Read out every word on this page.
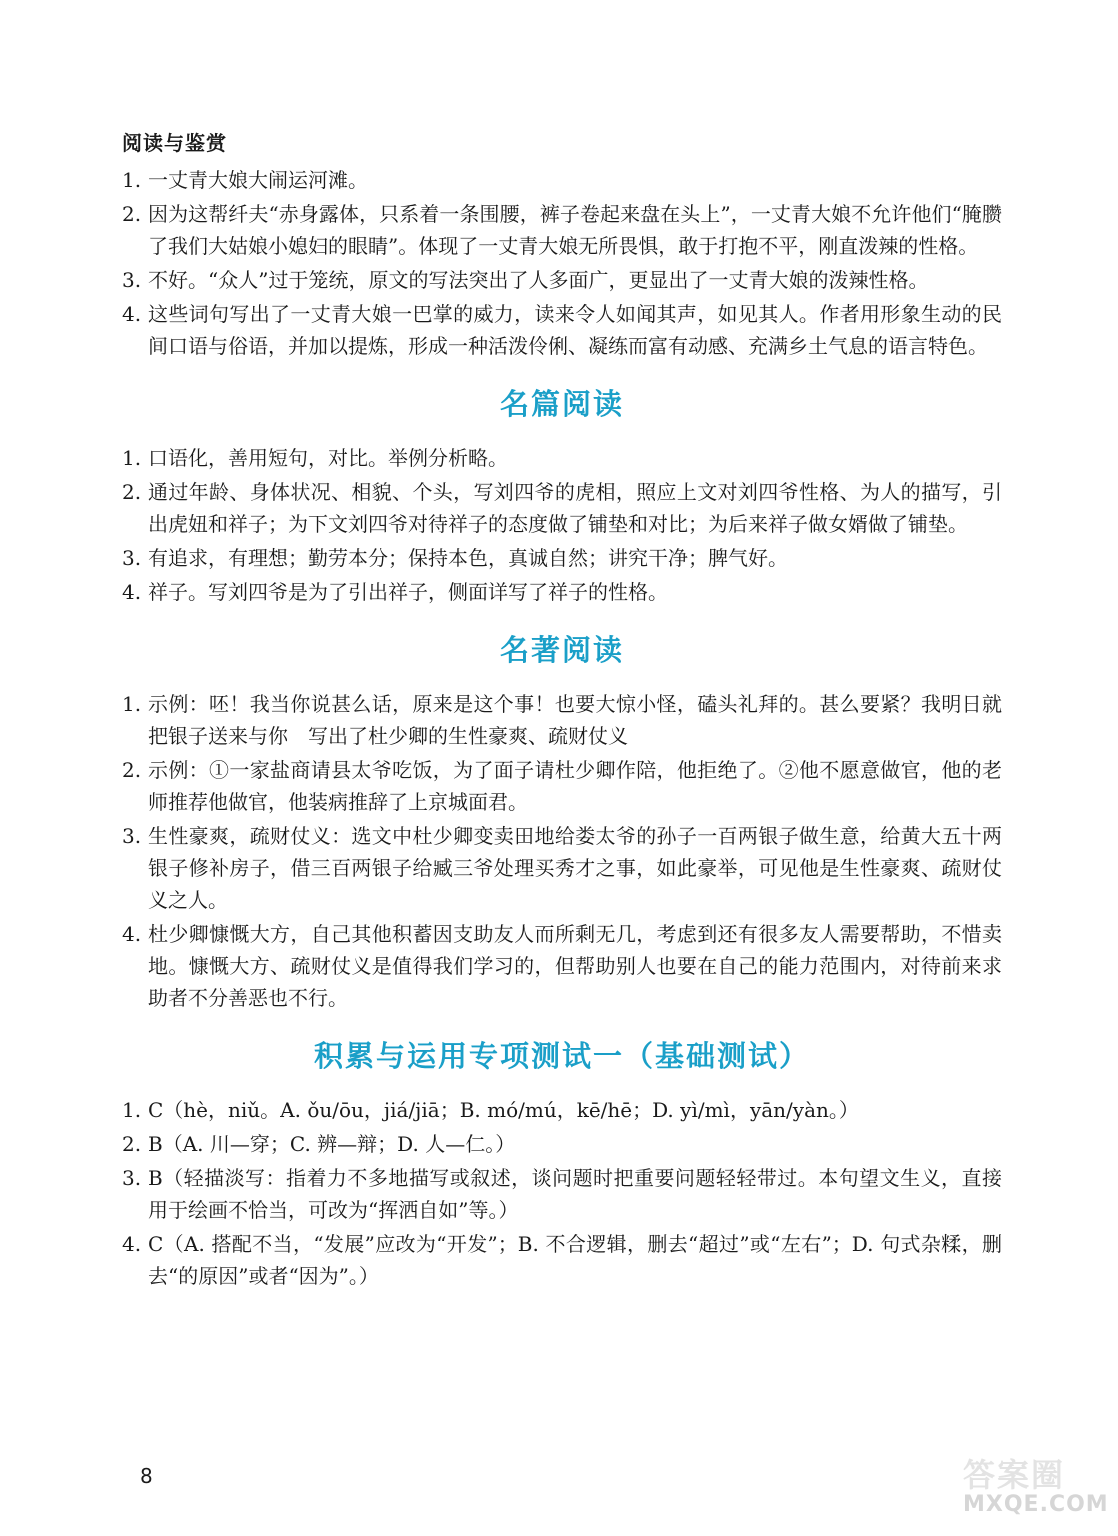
阅读与鉴赏
1. 一丈青大娘大闹运河滩。
2. 因为这帮纤夫“赤身露体，只系着一条围腰，裤子卷起来盘在头上”，一丈青大娘不允许他们“腌臜了我们大姑娘小媳妇的眼睛”。体现了一丈青大娘无所畏惧，敢于打抱不平，刚直泼辣的性格。
3. 不好。“众人”过于笼统，原文的写法突出了人多面广，更显出了一丈青大娘的泼辣性格。
4. 这些词句写出了一丈青大娘一巴掌的威力，读来令人如闻其声，如见其人。作者用形象生动的民间口语与俗语，并加以提炼，形成一种活泼伶俐、凝练而富有动感、充满乡土气息的语言特色。
名篇阅读
1. 口语化，善用短句，对比。举例分析略。
2. 通过年龄、身体状况、相貌、个头，写刘四爷的虎相，照应上文对刘四爷性格、为人的描写，引出虎妞和祥子；为下文刘四爷对待祥子的态度做了铺垫和对比；为后来祥子做女婿做了铺垫。
3. 有追求，有理想；勤劳本分；保持本色，真诚自然；讲究干净；脾气好。
4. 祥子。写刘四爷是为了引出祥子，侧面详写了祥子的性格。
名著阅读
1. 示例：呸！我当你说甚么话，原来是这个事！也要大惊小怪，磕头礼拜的。甚么要紧？我明日就把银子送来与你　写出了杜少卿的生性豪爽、疏财仗义
2. 示例：①一家盐商请县太爷吃饭，为了面子请杜少卿作陪，他拒绝了。②他不愿意做官，他的老师推荐他做官，他装病推辞了上京城面君。
3. 生性豪爽，疏财仗义：选文中杜少卿变卖田地给娄太爷的孙子一百两银子做生意，给黄大五十两银子修补房子，借三百两银子给臧三爷处理买秀才之事，如此豪举，可见他是生性豪爽、疏财仗义之人。
4. 杜少卿慷慨大方，自己其他积蓄因支助友人而所剩无几，考虑到还有很多友人需要帮助，不惜卖地。慷慨大方、疏财仗义是值得我们学习的，但帮助别人也要在自己的能力范围内，对待前来求助者不分善恶也不行。
积累与运用专项测试一（基础测试）
1. C（hè，niǔ。A. ǒu/ōu，jiá/jiā；B. mó/mú，kē/hē；D. yì/mì，yān/yàn。）
2. B（A. 川—穿；C. 辨—辩；D. 人—仁。）
3. B（轻描淡写：指着力不多地描写或叙述，谈问题时把重要问题轻轻带过。本句望文生义，直接用于绘画不恰当，可改为“挥洒自如”等。）
4. C（A. 搭配不当，“发展”应改为“开发”；B. 不合逻辑，删去“超过”或“左右”；D. 句式杂糅，删去“的原因”或者“因为”。）
8	答案圈
MXQE.COM
